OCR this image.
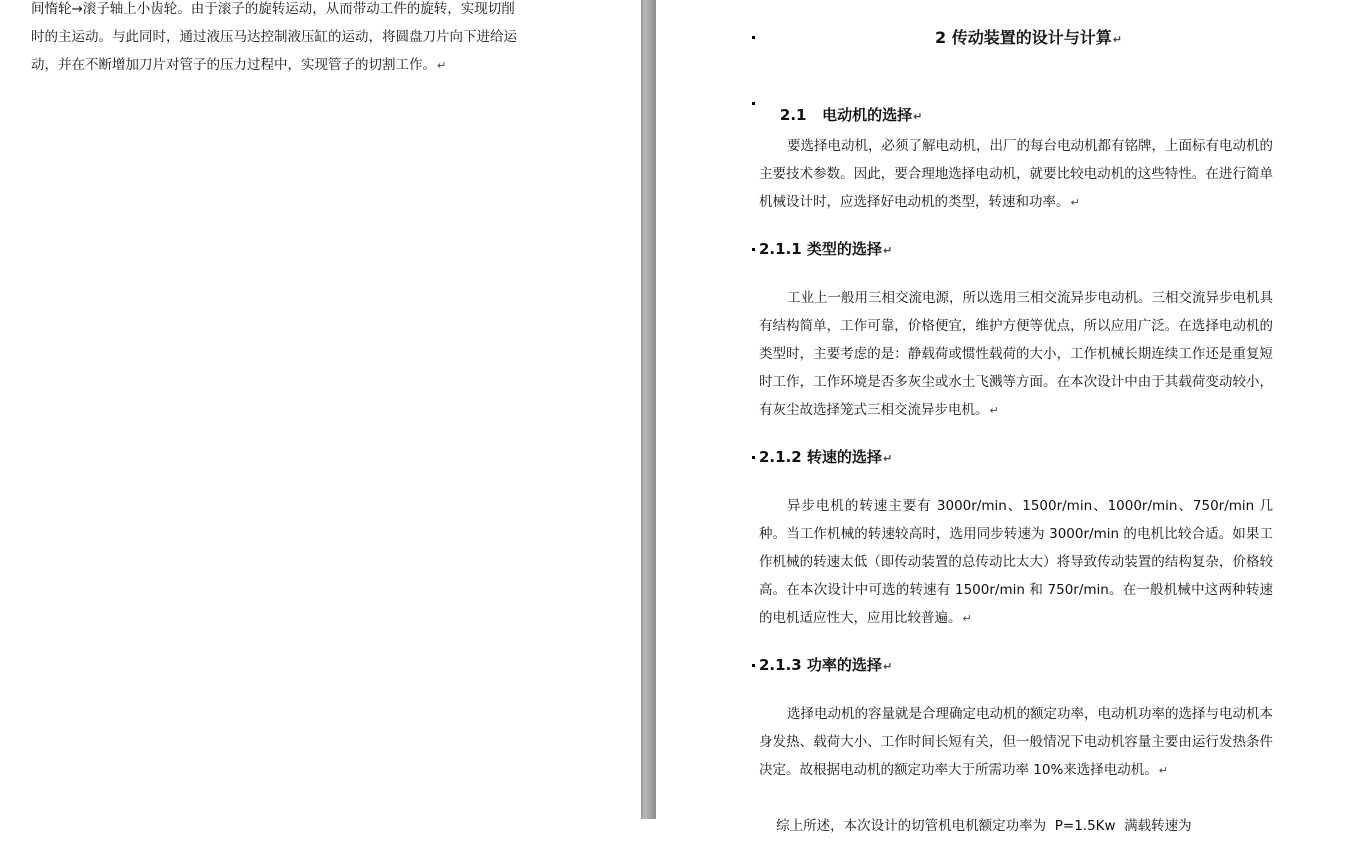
间惰轮→滚子轴上小齿轮。由于滚子的旋转运动，从而带动工件的旋转，实现切削
时的主运动。与此同时，通过液压马达控制液压缸的运动，将圆盘刀片向下进给运
动，并在不断增加刀片对管子的压力过程中，实现管子的切割工作。↵
2 传动装置的设计与计算↵

2.1   电动机的选择↵

要选择电动机，必须了解电动机，出厂的每台电动机都有铭牌，上面标有电动机的主要技术参数。因此，要合理地选择电动机，就要比较电动机的这些特性。在进行简单机械设计时，应选择好电动机的类型，转速和功率。↵
2.1.1 类型的选择↵
工业上一般用三相交流电源，所以选用三相交流异步电动机。三相交流异步电机具有结构简单，工作可靠，价格便宜，维护方便等优点，所以应用广泛。在选择电动机的类型时，主要考虑的是：静载荷或惯性载荷的大小，工作机械长期连续工作还是重复短时工作，工作环境是否多灰尘或水土飞溅等方面。在本次设计中由于其载荷变动较小，有灰尘故选择笼式三相交流异步电机。↵
2.1.2 转速的选择↵
异步电机的转速主要有 3000r/min、1500r/min、1000r/min、750r/min 几种。当工作机械的转速较高时，选用同步转速为 3000r/min 的电机比较合适。如果工作机械的转速太低（即传动装置的总传动比太大）将导致传动装置的结构复杂，价格较高。在本次设计中可选的转速有 1500r/min 和 750r/min。在一般机械中这两种转速的电机适应性大，应用比较普遍。↵
2.1.3 功率的选择↵
选择电动机的容量就是合理确定电动机的额定功率，电动机功率的选择与电动机本身发热、载荷大小、工作时间长短有关，但一般情况下电动机容量主要由运行发热条件决定。故根据电动机的额定功率大于所需功率 10%来选择电动机。↵

综上所述，本次设计的切管机电机额定功率为  P=1.5Kw  满载转速为
